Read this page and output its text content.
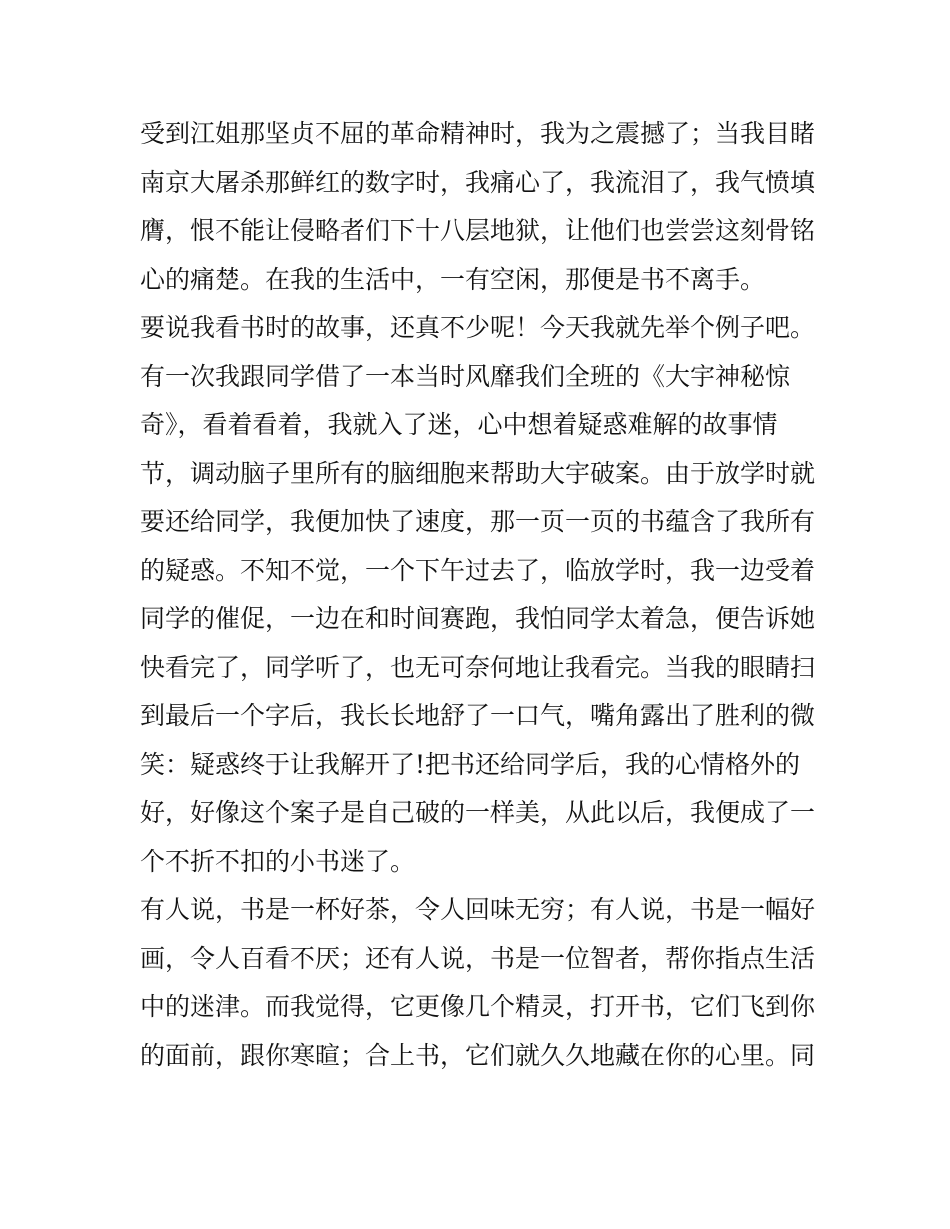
受到江姐那坚贞不屈的革命精神时，我为之震撼了；当我目睹
南京大屠杀那鲜红的数字时，我痛心了，我流泪了，我气愤填
膺，恨不能让侵略者们下十八层地狱，让他们也尝尝这刻骨铭
心的痛楚。在我的生活中，一有空闲，那便是书不离手。
要说我看书时的故事，还真不少呢！今天我就先举个例子吧。
有一次我跟同学借了一本当时风靡我们全班的《大宇神秘惊
奇》，看着看着，我就入了迷，心中想着疑惑难解的故事情
节，调动脑子里所有的脑细胞来帮助大宇破案。由于放学时就
要还给同学，我便加快了速度，那一页一页的书蕴含了我所有
的疑惑。不知不觉，一个下午过去了，临放学时，我一边受着
同学的催促，一边在和时间赛跑，我怕同学太着急，便告诉她
快看完了，同学听了，也无可奈何地让我看完。当我的眼睛扫
到最后一个字后，我长长地舒了一口气，嘴角露出了胜利的微
笑：疑惑终于让我解开了!把书还给同学后，我的心情格外的
好，好像这个案子是自己破的一样美，从此以后，我便成了一
个不折不扣的小书迷了。
有人说，书是一杯好茶，令人回味无穷；有人说，书是一幅好
画，令人百看不厌；还有人说，书是一位智者，帮你指点生活
中的迷津。而我觉得，它更像几个精灵，打开书，它们飞到你
的面前，跟你寒暄；合上书，它们就久久地藏在你的心里。同
